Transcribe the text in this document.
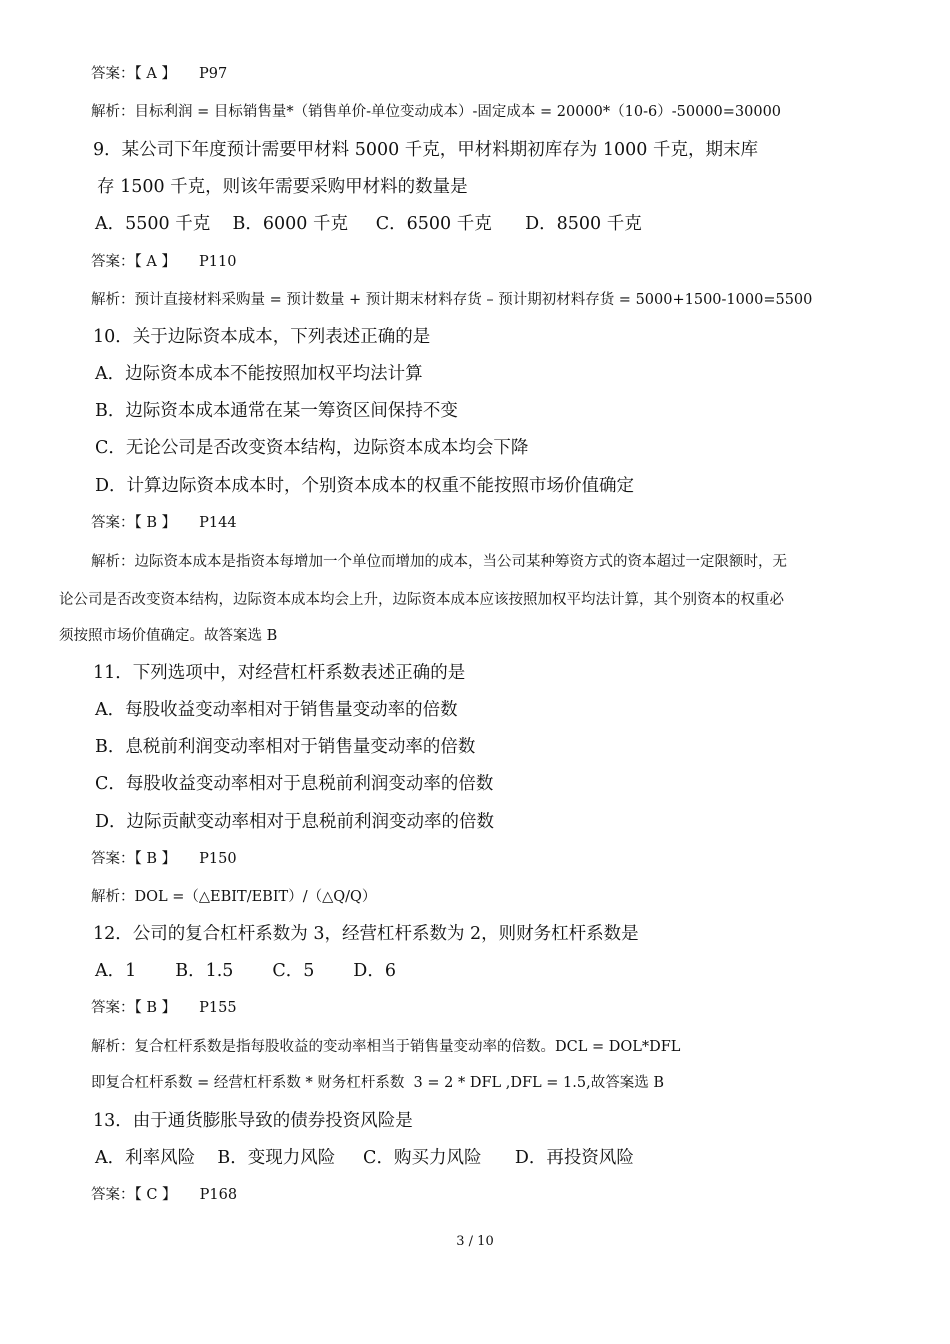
答案：【 A 】     P97
解析：目标利润 = 目标销售量*（销售单价-单位变动成本）-固定成本 = 20000*（10-6）-50000=30000
9．某公司下年度预计需要甲材料 5000 千克，甲材料期初库存为 1000 千克，期末库
存 1500 千克，则该年需要采购甲材料的数量是
A．5500 千克    B．6000 千克     C．6500 千克      D．8500 千克
答案：【 A 】     P110
解析：预计直接材料采购量 = 预计数量 + 预计期末材料存货 – 预计期初材料存货 = 5000+1500-1000=5500
10．关于边际资本成本，下列表述正确的是
A．边际资本成本不能按照加权平均法计算
B．边际资本成本通常在某一筹资区间保持不变
C．无论公司是否改变资本结构，边际资本成本均会下降
D．计算边际资本成本时，个别资本成本的权重不能按照市场价值确定
答案：【 B 】     P144
解析：边际资本成本是指资本每增加一个单位而增加的成本，当公司某种筹资方式的资本超过一定限额时，无
论公司是否改变资本结构，边际资本成本均会上升，边际资本成本应该按照加权平均法计算，其个别资本的权重必
须按照市场价值确定。故答案选 B
11．下列选项中，对经营杠杆系数表述正确的是
A．每股收益变动率相对于销售量变动率的倍数
B．息税前利润变动率相对于销售量变动率的倍数
C．每股收益变动率相对于息税前利润变动率的倍数
D．边际贡献变动率相对于息税前利润变动率的倍数
答案：【 B 】     P150
解析：DOL =（△EBIT/EBIT）/（△Q/Q）
12．公司的复合杠杆系数为 3，经营杠杆系数为 2，则财务杠杆系数是
A．1       B．1.5       C．5       D．6
答案：【 B 】     P155
解析：复合杠杆系数是指每股收益的变动率相当于销售量变动率的倍数。DCL = DOL*DFL
即复合杠杆系数 = 经营杠杆系数 * 财务杠杆系数  3 = 2 * DFL ,DFL = 1.5,故答案选 B
13．由于通货膨胀导致的债券投资风险是
A．利率风险    B．变现力风险     C．购买力风险      D．再投资风险
答案：【 C 】     P168
3 / 10
